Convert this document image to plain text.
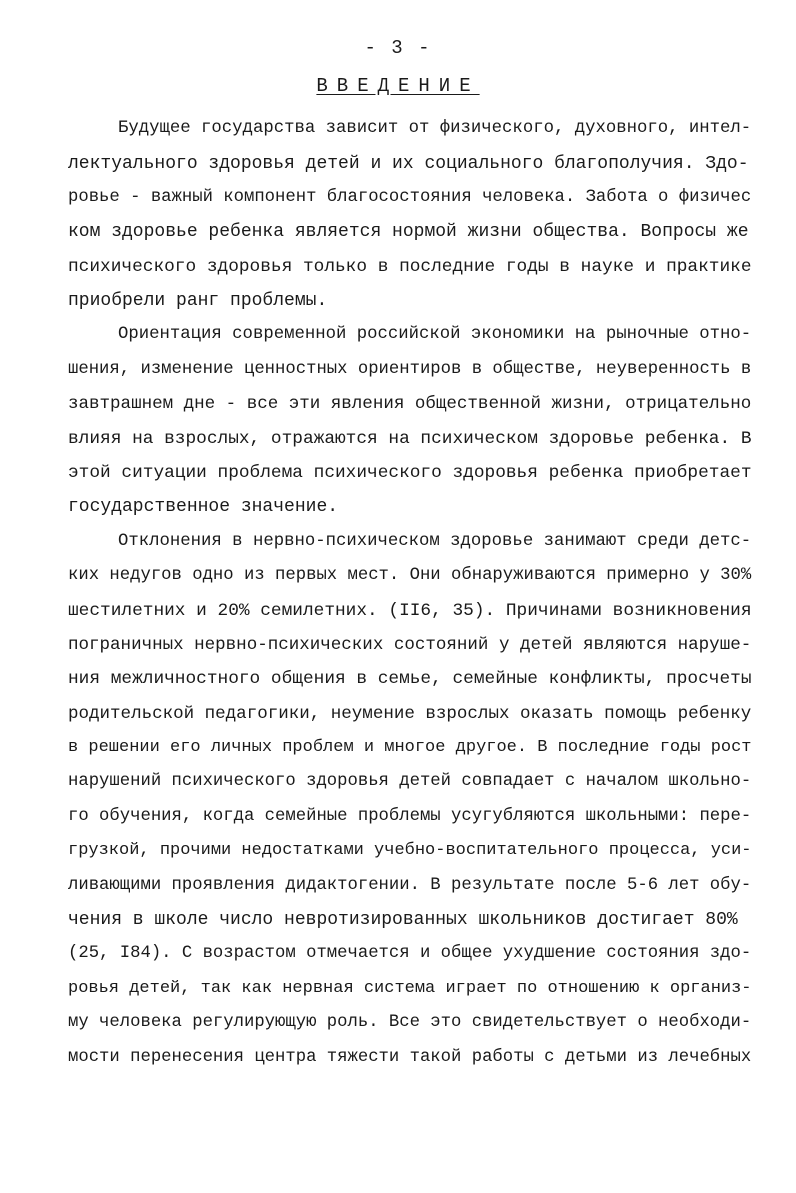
- 3 -
ВВЕДЕНИЕ
Будущее государства зависит от физического, духовного, интел-
лектуального здоровья детей и их социального благополучия. Здо-
ровье - важный компонент благосостояния человека. Забота о физичес
ком здоровье ребенка является нормой жизни общества. Вопросы же
психического здоровья только в последние годы в науке и практике
приобрели ранг проблемы.
Ориентация современной российской экономики на рыночные отно-
шения, изменение ценностных ориентиров в обществе, неуверенность в
завтрашнем дне - все эти явления общественной жизни, отрицательно
влияя на взрослых, отражаются на психическом здоровье ребенка. В
этой ситуации проблема психического здоровья ребенка приобретает
государственное значение.
Отклонения в нервно-психическом здоровье занимают среди детс-
ких недугов одно из первых мест. Они обнаруживаются примерно у 30%
шестилетних и 20% семилетних. (II6, 35). Причинами возникновения
пограничных нервно-психических состояний у детей являются наруше-
ния межличностного общения в семье, семейные конфликты, просчеты
родительской педагогики, неумение взрослых оказать помощь ребенку
в решении его личных проблем и многое другое. В последние годы рост
нарушений психического здоровья детей совпадает с началом школьно-
го обучения, когда семейные проблемы усугубляются школьными: пере-
грузкой, прочими недостатками учебно-воспитательного процесса, уси-
ливающими проявления дидактогении. В результате после 5-6 лет обу-
чения в школе число невротизированных школьников достигает 80%
(25, I84). С возрастом отмечается и общее ухудшение состояния здо-
ровья детей, так как нервная система играет по отношению к организ-
му человека регулирующую роль. Все это свидетельствует о необходи-
мости перенесения центра тяжести такой работы с детьми из лечебных
